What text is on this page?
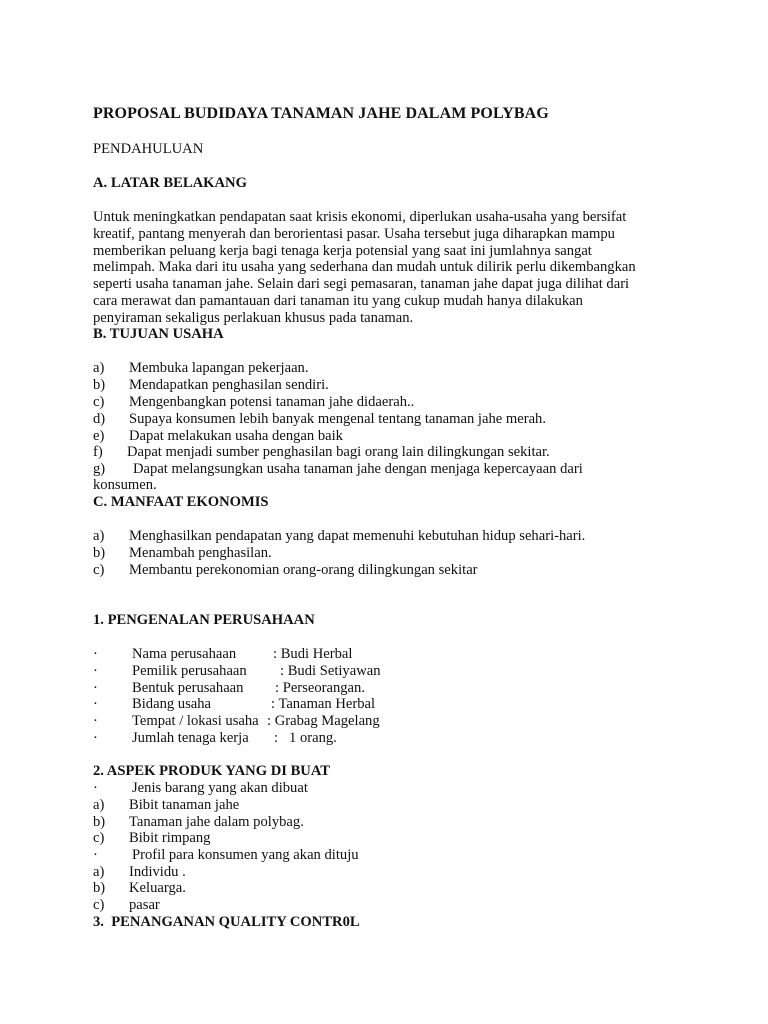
PROPOSAL BUDIDAYA TANAMAN JAHE DALAM POLYBAG
PENDAHULUAN
A. LATAR BELAKANG
Untuk meningkatkan pendapatan saat krisis ekonomi, diperlukan usaha-usaha yang bersifat
kreatif, pantang menyerah dan berorientasi pasar. Usaha tersebut juga diharapkan mampu
memberikan peluang kerja bagi tenaga kerja potensial yang saat ini jumlahnya sangat
melimpah. Maka dari itu usaha yang sederhana dan mudah untuk dilirik perlu dikembangkan
seperti usaha tanaman jahe. Selain dari segi pemasaran, tanaman jahe dapat juga dilihat dari
cara merawat dan pamantauan dari tanaman itu yang cukup mudah hanya dilakukan
penyiraman sekaligus perlakuan khusus pada tanaman.
B. TUJUAN USAHA
a) Membuka lapangan pekerjaan.
b) Mendapatkan penghasilan sendiri.
c) Mengenbangkan potensi tanaman jahe didaerah..
d) Supaya konsumen lebih banyak mengenal tentang tanaman jahe merah.
e) Dapat melakukan usaha dengan baik
f) Dapat menjadi sumber penghasilan bagi orang lain dilingkungan sekitar.
g) Dapat melangsungkan usaha tanaman jahe dengan menjaga kepercayaan dari
konsumen.
C. MANFAAT EKONOMIS
a) Menghasilkan pendapatan yang dapat memenuhi kebutuhan hidup sehari-hari.
b) Menambah penghasilan.
c) Membantu perekonomian orang-orang dilingkungan sekitar
1. PENGENALAN PERUSAHAAN
· Nama perusahaan	: Budi Herbal
· Pemilik perusahaan : Budi Setiyawan
· Bentuk perusahaan : Perseorangan.
· Bidang usaha	: Tanaman Herbal
· Tempat / lokasi usaha : Grabag Magelang
· Jumlah tenaga kerja :   1 orang.
2. ASPEK PRODUK YANG DI BUAT
· Jenis barang yang akan dibuat
a) Bibit tanaman jahe
b) Tanaman jahe dalam polybag.
c) Bibit rimpang
· Profil para konsumen yang akan dituju
a) Individu .
b) Keluarga.
c) pasar
3.  PENANGANAN QUALITY CONTR0L
